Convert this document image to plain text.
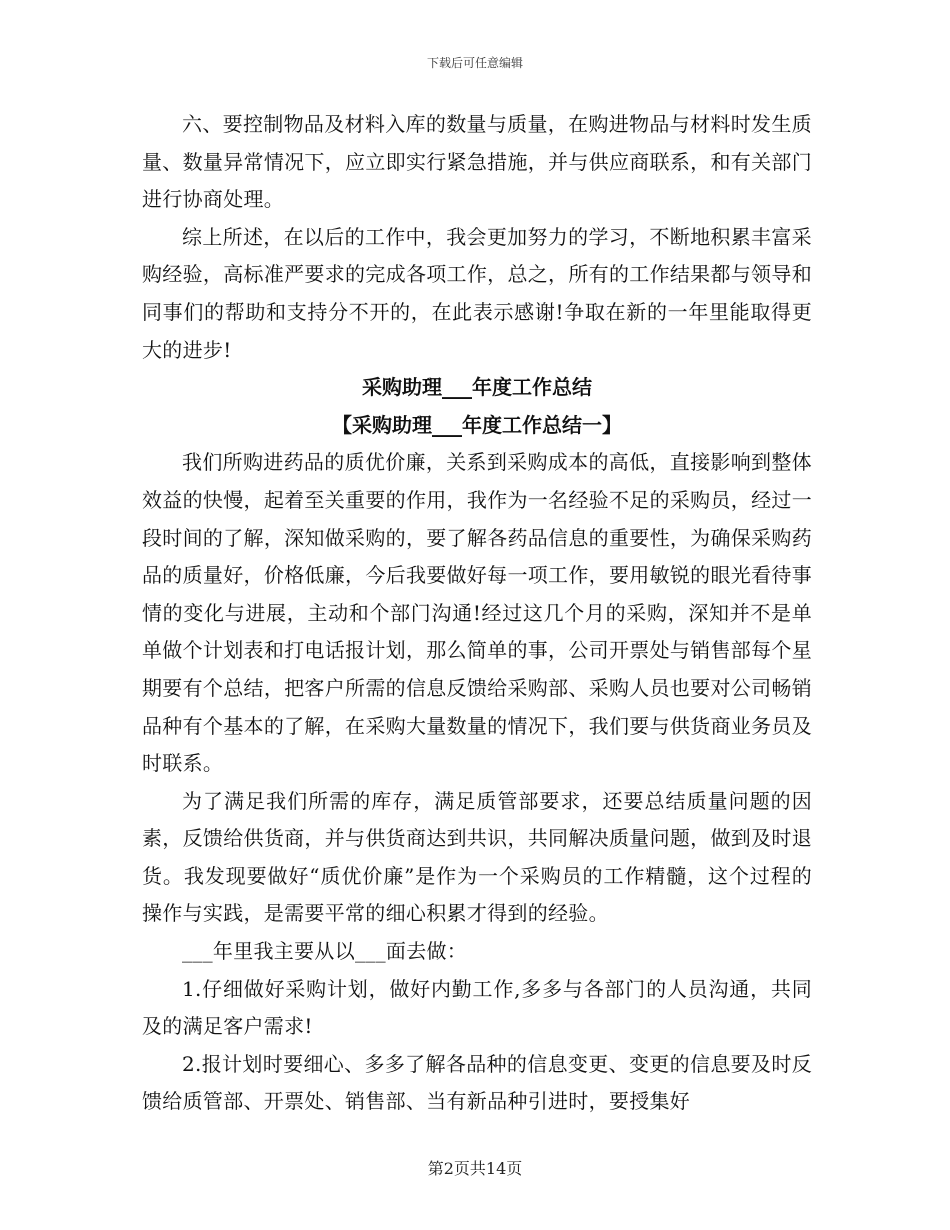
下载后可任意编辑

六、要控制物品及材料入库的数量与质量，在购进物品与材料时发生质量、数量异常情况下，应立即实行紧急措施，并与供应商联系，和有关部门进行协商处理。

综上所述，在以后的工作中，我会更加努力的学习，不断地积累丰富采购经验，高标准严要求的完成各项工作，总之，所有的工作结果都与领导和同事们的帮助和支持分不开的，在此表示感谢!争取在新的一年里能取得更大的进步!

采购助理___年度工作总结

【采购助理___年度工作总结一】

我们所购进药品的质优价廉，关系到采购成本的高低，直接影响到整体效益的快慢，起着至关重要的作用，我作为一名经验不足的采购员，经过一段时间的了解，深知做采购的，要了解各药品信息的重要性，为确保采购药品的质量好，价格低廉，今后我要做好每一项工作，要用敏锐的眼光看待事情的变化与进展，主动和个部门沟通!经过这几个月的采购，深知并不是单单做个计划表和打电话报计划，那么简单的事，公司开票处与销售部每个星期要有个总结，把客户所需的信息反馈给采购部、采购人员也要对公司畅销品种有个基本的了解，在采购大量数量的情况下，我们要与供货商业务员及时联系。

为了满足我们所需的库存，满足质管部要求，还要总结质量问题的因素，反馈给供货商，并与供货商达到共识，共同解决质量问题，做到及时退货。我发现要做好“质优价廉”是作为一个采购员的工作精髓，这个过程的操作与实践，是需要平常的细心积累才得到的经验。

___年里我主要从以___面去做：

1.仔细做好采购计划，做好内勤工作,多多与各部门的人员沟通，共同及的满足客户需求!

2.报计划时要细心、多多了解各品种的信息变更、变更的信息要及时反馈给质管部、开票处、销售部、当有新品种引进时，要授集好

第2页共14页
